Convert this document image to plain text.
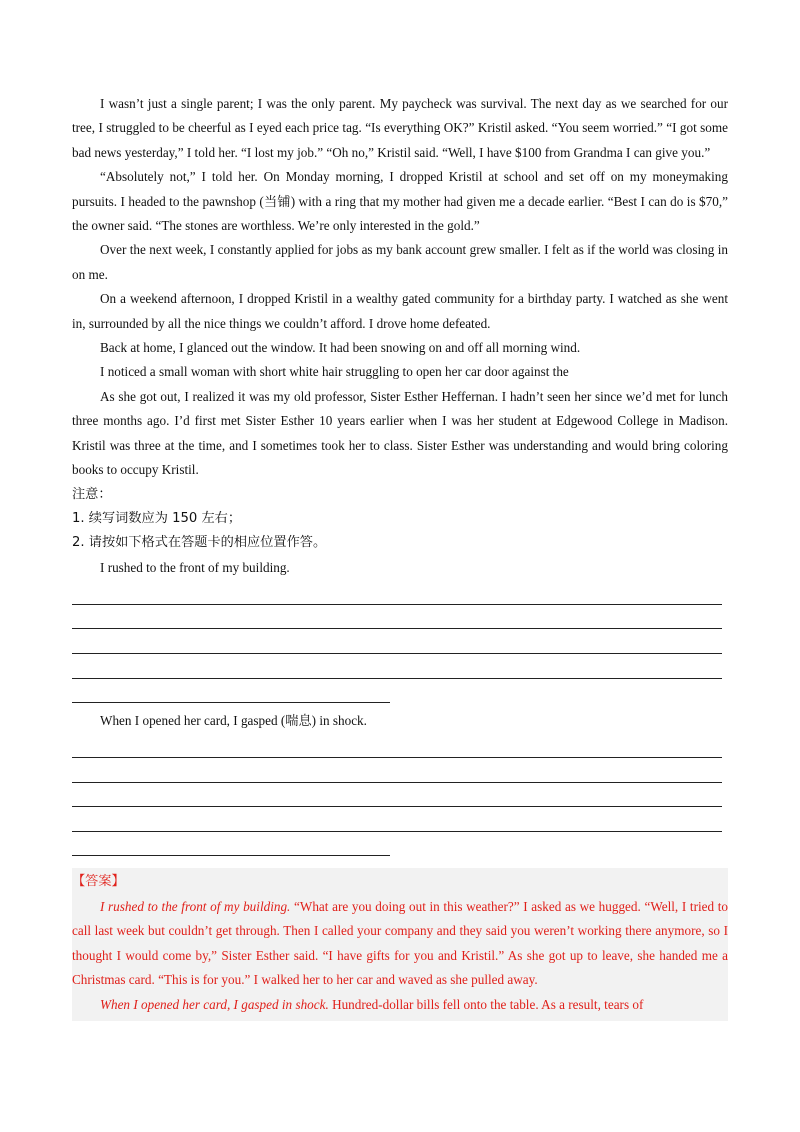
I wasn’t just a single parent; I was the only parent. My paycheck was survival. The next day as we searched for our tree, I struggled to be cheerful as I eyed each price tag. “Is everything OK?” Kristil asked. “You seem worried.” “I got some bad news yesterday,” I told her. “I lost my job.” “Oh no,” Kristil said. “Well, I have $100 from Grandma I can give you.”

“Absolutely not,” I told her. On Monday morning, I dropped Kristil at school and set off on my moneymaking pursuits. I headed to the pawnshop (当铺) with a ring that my mother had given me a decade earlier. “Best I can do is $70,” the owner said. “The stones are worthless. We’re only interested in the gold.”

Over the next week, I constantly applied for jobs as my bank account grew smaller. I felt as if the world was closing in on me.

On a weekend afternoon, I dropped Kristil in a wealthy gated community for a birthday party. I watched as she went in, surrounded by all the nice things we couldn’t afford. I drove home defeated.

Back at home, I glanced out the window. It had been snowing on and off all morning wind.

I noticed a small woman with short white hair struggling to open her car door against the

As she got out, I realized it was my old professor, Sister Esther Heffernan. I hadn’t seen her since we’d met for lunch three months ago. I’d first met Sister Esther 10 years earlier when I was her student at Edgewood College in Madison. Kristil was three at the time, and I sometimes took her to class. Sister Esther was understanding and would bring coloring books to occupy Kristil.

注意：

1. 续写词数应为 150 左右；

2. 请按如下格式在答题卡的相应位置作答。

I rushed to the front of my building.

When I opened her card, I gasped (喘息) in shock.

【答案】

I rushed to the front of my building. “What are you doing out in this weather?” I asked as we hugged. “Well, I tried to call last week but couldn’t get through. Then I called your company and they said you weren’t working there anymore, so I thought I would come by,” Sister Esther said. “I have gifts for you and Kristil.” As she got up to leave, she handed me a Christmas card. “This is for you.” I walked her to her car and waved as she pulled away.

When I opened her card, I gasped in shock. Hundred-dollar bills fell onto the table. As a result, tears of
